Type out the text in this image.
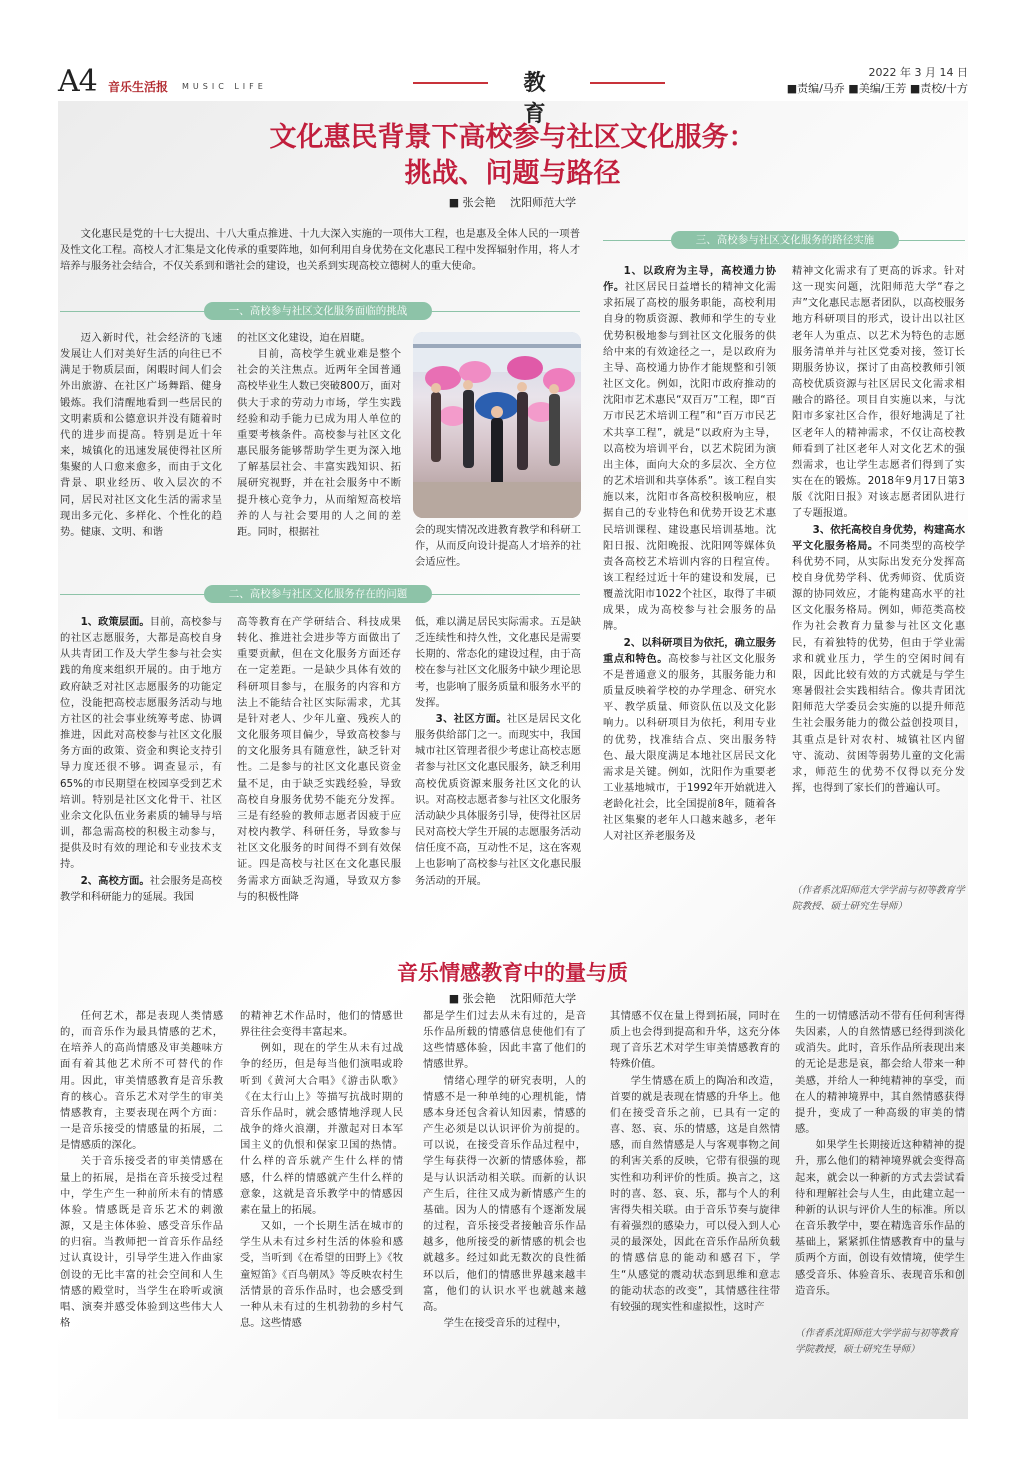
A4 音乐生活报 MUSIC LIFE	教 育
2022 年 3 月 14 日
■责编/马乔 ■美编/王芳 ■责校/十方
文化惠民背景下高校参与社区文化服务：
挑战、问题与路径
■ 张会艳　 沈阳师范大学

文化惠民是党的十七大提出、十八大重点推进、十九大深入实施的一项伟大工程，也是惠及全体人民的一项普及性文化工程。高校人才汇集是文化传承的重要阵地，如何利用自身优势在文化惠民工程中发挥辐射作用，将人才培养与服务社会结合，不仅关系到和谐社会的建设，也关系到实现高校立德树人的重大使命。

一、高校参与社区文化服务面临的挑战
二、高校参与社区文化服务存在的问题
三、高校参与社区文化服务的路径实施

迈入新时代，社会经济的飞速发展让人们对美好生活的向往已不满足于物质层面，闲暇时间人们会外出旅游、在社区广场舞蹈、健身锻炼。我们清醒地看到一些居民的文明素质和公德意识并没有随着时代的进步而提高。特别是近十年来，城镇化的迅速发展使得社区所集聚的人口愈来愈多，而由于文化背景、职业经历、收入层次的不同，居民对社区文化生活的需求呈现出多元化、多样化、个性化的趋势。健康、文明、和谐

的社区文化建设，迫在眉睫。

目前，高校学生就业难是整个社会的关注焦点。近两年全国普通高校毕业生人数已突破800万，面对供大于求的劳动力市场，学生实践经验和动手能力已成为用人单位的重要考核条件。高校参与社区文化惠民服务能够帮助学生更为深入地了解基层社会、丰富实践知识、拓展研究视野，并在社会服务中不断提升核心竞争力，从而缩短高校培养的人与社会要用的人之间的差距。同时，根据社	会的现实情况改进教育教学和科研工作，从而反向设计提高人才培养的社会适应性。

1、政策层面。目前，高校参与的社区志愿服务，大都是高校自身从共青团工作及大学生参与社会实践的角度来组织开展的。由于地方政府缺乏对社区志愿服务的功能定位，没能把高校志愿服务活动与地方社区的社会事业统筹考虑、协调推进，因此对高校参与社区文化服务方面的政策、资金和舆论支持引导力度还很不够。调查显示，有65%的市民期望在校园享受到艺术培训。特别是社区文化骨干、社区业余文化队伍业务素质的辅导与培训，都急需高校的积极主动参与，提供及时有效的理论和专业技术支持。

2、高校方面。社会服务是高校教学和科研能力的延展。我国

高等教育在产学研结合、科技成果转化、推进社会进步等方面做出了重要贡献，但在文化服务方面还存在一定差距。一是缺少具体有效的科研项目参与，在服务的内容和方法上不能结合社区实际需求，尤其是针对老人、少年儿童、残疾人的文化服务项目偏少，导致高校参与的文化服务具有随意性，缺乏针对性。二是参与的社区文化惠民资金量不足，由于缺乏实践经验，导致高校自身服务优势不能充分发挥。三是有经验的教师志愿者因疲于应对校内教学、科研任务，导致参与社区文化服务的时间得不到有效保证。四是高校与社区在文化惠民服务需求方面缺乏沟通，导致双方参与的积极性降

低，难以满足居民实际需求。五是缺乏连续性和持久性，文化惠民是需要长期的、常态化的建设过程，由于高校在参与社区文化服务中缺少理论思考，也影响了服务质量和服务水平的发挥。

3、社区方面。社区是居民文化服务供给部门之一。而现实中，我国城市社区管理者很少考虑让高校志愿者参与社区文化惠民服务，缺乏利用高校优质资源来服务社区文化的认识。对高校志愿者参与社区文化服务活动缺少具体服务引导，使得社区居民对高校大学生开展的志愿服务活动信任度不高，互动性不足，这在客观上也影响了高校参与社区文化惠民服务活动的开展。

1、以政府为主导，高校通力协作。社区居民日益增长的精神文化需求拓展了高校的服务职能，高校利用自身的物质资源、教师和学生的专业优势积极地参与到社区文化服务的供给中来的有效途径之一，是以政府为主导、高校通力协作才能规整和引领社区文化。例如，沈阳市政府推动的沈阳市艺术惠民“双百万”工程，即“百万市民艺术培训工程”和“百万市民艺术共享工程”，就是“以政府为主导，以高校为培训平台，以艺术院团为演出主体，面向大众的多层次、全方位的艺术培训和共享体系”。该工程自实施以来，沈阳市各高校积极响应，根据自己的专业特色和优势开设艺术惠民培训课程、建设惠民培训基地。沈阳日报、沈阳晚报、沈阳网等媒体负责各高校艺术培训内容的日程宣传。该工程经过近十年的建设和发展，已覆盖沈阳市1022个社区，取得了丰硕成果，成为高校参与社会服务的品牌。

2、以科研项目为依托，确立服务重点和特色。高校参与社区文化服务不是普通意义的服务，其服务能力和质量反映着学校的办学理念、研究水平、教学质量、师资队伍以及文化影响力。以科研项目为依托，利用专业的优势，找准结合点、突出服务特色、最大限度满足本地社区居民文化需求是关键。例如，沈阳作为重要老工业基地城市，于1992年开始就进入老龄化社会，比全国提前8年，随着各社区集聚的老年人口越来越多，老年人对社区养老服务及

精神文化需求有了更高的诉求。针对这一现实问题，沈阳师范大学“春之声”文化惠民志愿者团队，以高校服务地方科研项目的形式，设计出以社区老年人为重点、以艺术为特色的志愿服务清单并与社区党委对接，签订长期服务协议，探讨了由高校教师引领高校优质资源与社区居民文化需求相融合的路径。项目自实施以来，与沈阳市多家社区合作，很好地满足了社区老年人的精神需求，不仅让高校教师看到了社区老年人对文化艺术的强烈需求，也让学生志愿者们得到了实实在在的锻炼。2018年9月17日第3版《沈阳日报》对该志愿者团队进行了专题报道。

3、依托高校自身优势，构建高水平文化服务格局。不同类型的高校学科优势不同，从实际出发充分发挥高校自身优势学科、优秀师资、优质资源的协同效应，才能构建高水平的社区文化服务格局。例如，师范类高校作为社会教育力量参与社区文化惠民，有着独特的优势，但由于学业需求和就业压力，学生的空闲时间有限，因此比较有效的方式就是与学生寒暑假社会实践相结合。像共青团沈阳师范大学委员会实施的以提升师范生社会服务能力的微公益创投项目，其重点是针对农村、城镇社区内留守、流动、贫困等弱势儿童的文化需求，师范生的优势不仅得以充分发挥，也得到了家长们的普遍认可。

（作者系沈阳师范大学学前与初等教育学院教授、硕士研究生导师）
音乐情感教育中的量与质
■ 张会艳　 沈阳师范大学

任何艺术，都是表现人类情感的，而音乐作为最具情感的艺术，在培养人的高尚情感及审美趣味方面有着其他艺术所不可替代的作用。因此，审美情感教育是音乐教育的核心。音乐艺术对学生的审美情感教育，主要表现在两个方面：一是音乐接受的情感量的拓展，二是情感质的深化。

关于音乐接受者的审美情感在量上的拓展，是指在音乐接受过程中，学生产生一种前所未有的情感体验。情感既是音乐艺术的刺激源，又是主体体验、感受音乐作品的归宿。当教师把一首音乐作品经过认真设计，引导学生进入作曲家创设的无比丰富的社会空间和人生情感的殿堂时，当学生在聆听或演唱、演奏并感受体验到这些伟大人格

的精神艺术作品时，他们的情感世界往往会变得丰富起来。

例如，现在的学生从未有过战争的经历，但是每当他们演唱或聆听到《黄河大合唱》《游击队歌》《在太行山上》等描写抗战时期的音乐作品时，就会感情地浮现人民战争的烽火浪潮，并激起对日本军国主义的仇恨和保家卫国的热情。什么样的音乐就产生什么样的情感，什么样的情感就产生什么样的意象，这就是音乐教学中的情感因素在量上的拓展。

又如，一个长期生活在城市的学生从未有过乡村生活的体验和感受，当听到《在希望的田野上》《牧童短笛》《百鸟朝凤》等反映农村生活情景的音乐作品时，也会感受到一种从未有过的生机勃勃的乡村气息。这些情感

都是学生们过去从未有过的，是音乐作品所载的情感信息使他们有了这些情感体验，因此丰富了他们的情感世界。

情绪心理学的研究表明，人的情感不是一种单纯的心理机能，情感本身还包含着认知因素，情感的产生必须是以认识评价为前提的。可以说，在接受音乐作品过程中，学生每获得一次新的情感体验，都是与认识活动相关联。而新的认识产生后，往往又成为新情感产生的基础。因为人的情感有个逐渐发展的过程，音乐接受者接触音乐作品越多，他所接受的新情感的机会也就越多。经过如此无数次的良性循环以后，他们的情感世界越来越丰富，他们的认识水平也就越来越高。

学生在接受音乐的过程中，

其情感不仅在量上得到拓展，同时在质上也会得到提高和升华，这充分体现了音乐艺术对学生审美情感教育的特殊价值。

学生情感在质上的陶冶和改造，首要的就是表现在情感的升华上。他们在接受音乐之前，已具有一定的喜、怒、哀、乐的情感，这是自然情感，而自然情感是人与客观事物之间的利害关系的反映，它带有很强的现实性和功利评价的性质。换言之，这时的喜、怒、哀、乐，都与个人的利害得失相关联。由于音乐节奏与旋律有着强烈的感染力，可以侵入到人心灵的最深处，因此在音乐作品所负载的情感信息的能动和感召下，学生“从感觉的震动状态到思维和意志的能动状态的改变”，其情感往往带有较强的现实性和虚拟性，这时产

生的一切情感活动不带有任何利害得失因素，人的自然情感已经得到淡化或消失。此时，音乐作品所表现出来的无论是悲是哀，都会给人带来一种美感，并给人一种纯精神的享受，而在人的精神境界中，其自然情感获得提升，变成了一种高级的审美的情感。

如果学生长期接近这种精神的提升，那么他们的精神境界就会变得高起来，就会以一种新的方式去尝试看待和理解社会与人生，由此建立起一种新的认识与评价人生的标准。所以在音乐教学中，要在精选音乐作品的基础上，紧紧抓住情感教育中的量与质两个方面，创设有效情境，使学生感受音乐、体验音乐、表现音乐和创造音乐。

（作者系沈阳师范大学学前与初等教育学院教授，硕士研究生导师）
